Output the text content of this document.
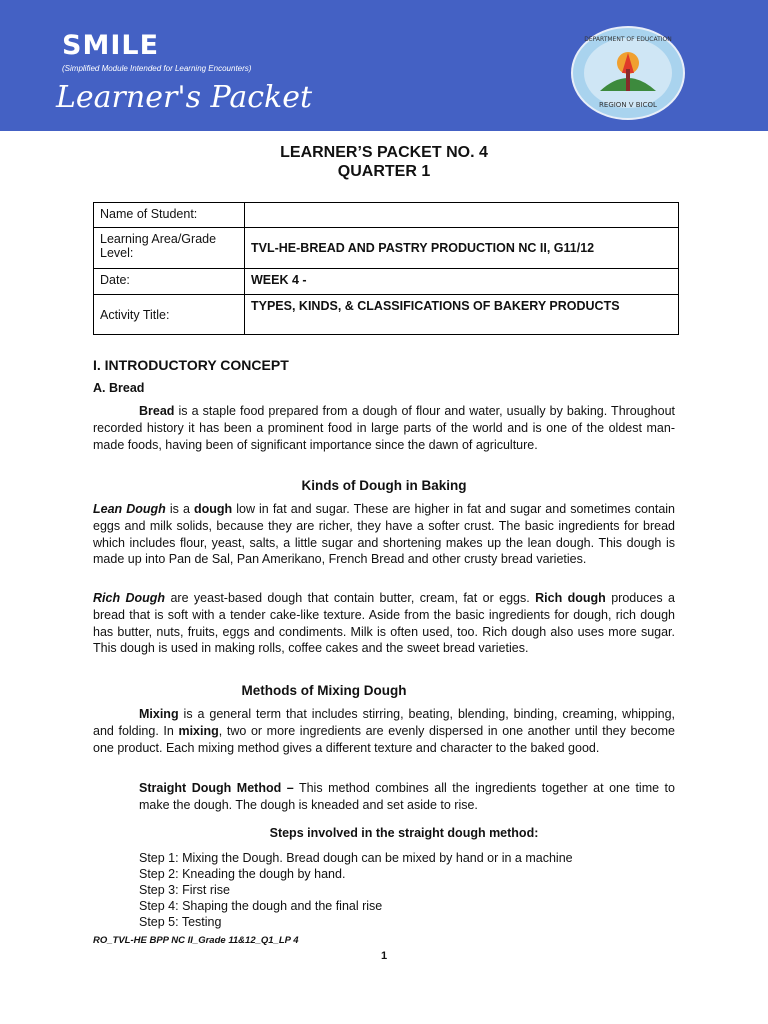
SMILE
(Simplified Module Intended for Learning Encounters)
Learner's Packet	REGION V BICOL
DEPARTMENT OF EDUCATION
LEARNER’S PACKET NO. 4
QUARTER 1
Name of Student:	
Learning Area/Grade Level:	TVL-HE-BREAD AND PASTRY PRODUCTION NC II, G11/12
Date:	WEEK 4 -
Activity Title:	TYPES, KINDS, & CLASSIFICATIONS OF BAKERY PRODUCTS
I. INTRODUCTORY CONCEPT
A. Bread
Bread is a staple food prepared from a dough of flour and water, usually by baking. Throughout recorded history it has been a prominent food in large parts of the world and is one of the oldest man-made foods, having been of significant importance since the dawn of agriculture.
Kinds of Dough in Baking
Lean Dough is a dough low in fat and sugar. These are higher in fat and sugar and sometimes contain eggs and milk solids, because they are richer, they have a softer crust. The basic ingredients for bread which includes flour, yeast, salts, a little sugar and shortening makes up the lean dough. This dough is made up into Pan de Sal, Pan Amerikano, French Bread and other crusty bread varieties.
Rich Dough are yeast-based dough that contain butter, cream, fat or eggs. Rich dough produces a bread that is soft with a tender cake-like texture. Aside from the basic ingredients for dough, rich dough has butter, nuts, fruits, eggs and condiments. Milk is often used, too. Rich dough also uses more sugar. This dough is used in making rolls, coffee cakes and the sweet bread varieties.
Methods of Mixing Dough
Mixing is a general term that includes stirring, beating, blending, binding, creaming, whipping, and folding. In mixing, two or more ingredients are evenly dispersed in one another until they become one product. Each mixing method gives a different texture and character to the baked good.
Straight Dough Method – This method combines all the ingredients together at one time to make the dough. The dough is kneaded and set aside to rise.
Steps involved in the straight dough method:
Step 1: Mixing the Dough. Bread dough can be mixed by hand or in a machine
Step 2: Kneading the dough by hand.
Step 3: First rise
Step 4: Shaping the dough and the final rise
Step 5: Testing
RO_TVL-HE BPP NC II_Grade 11&12_Q1_LP 4
1
